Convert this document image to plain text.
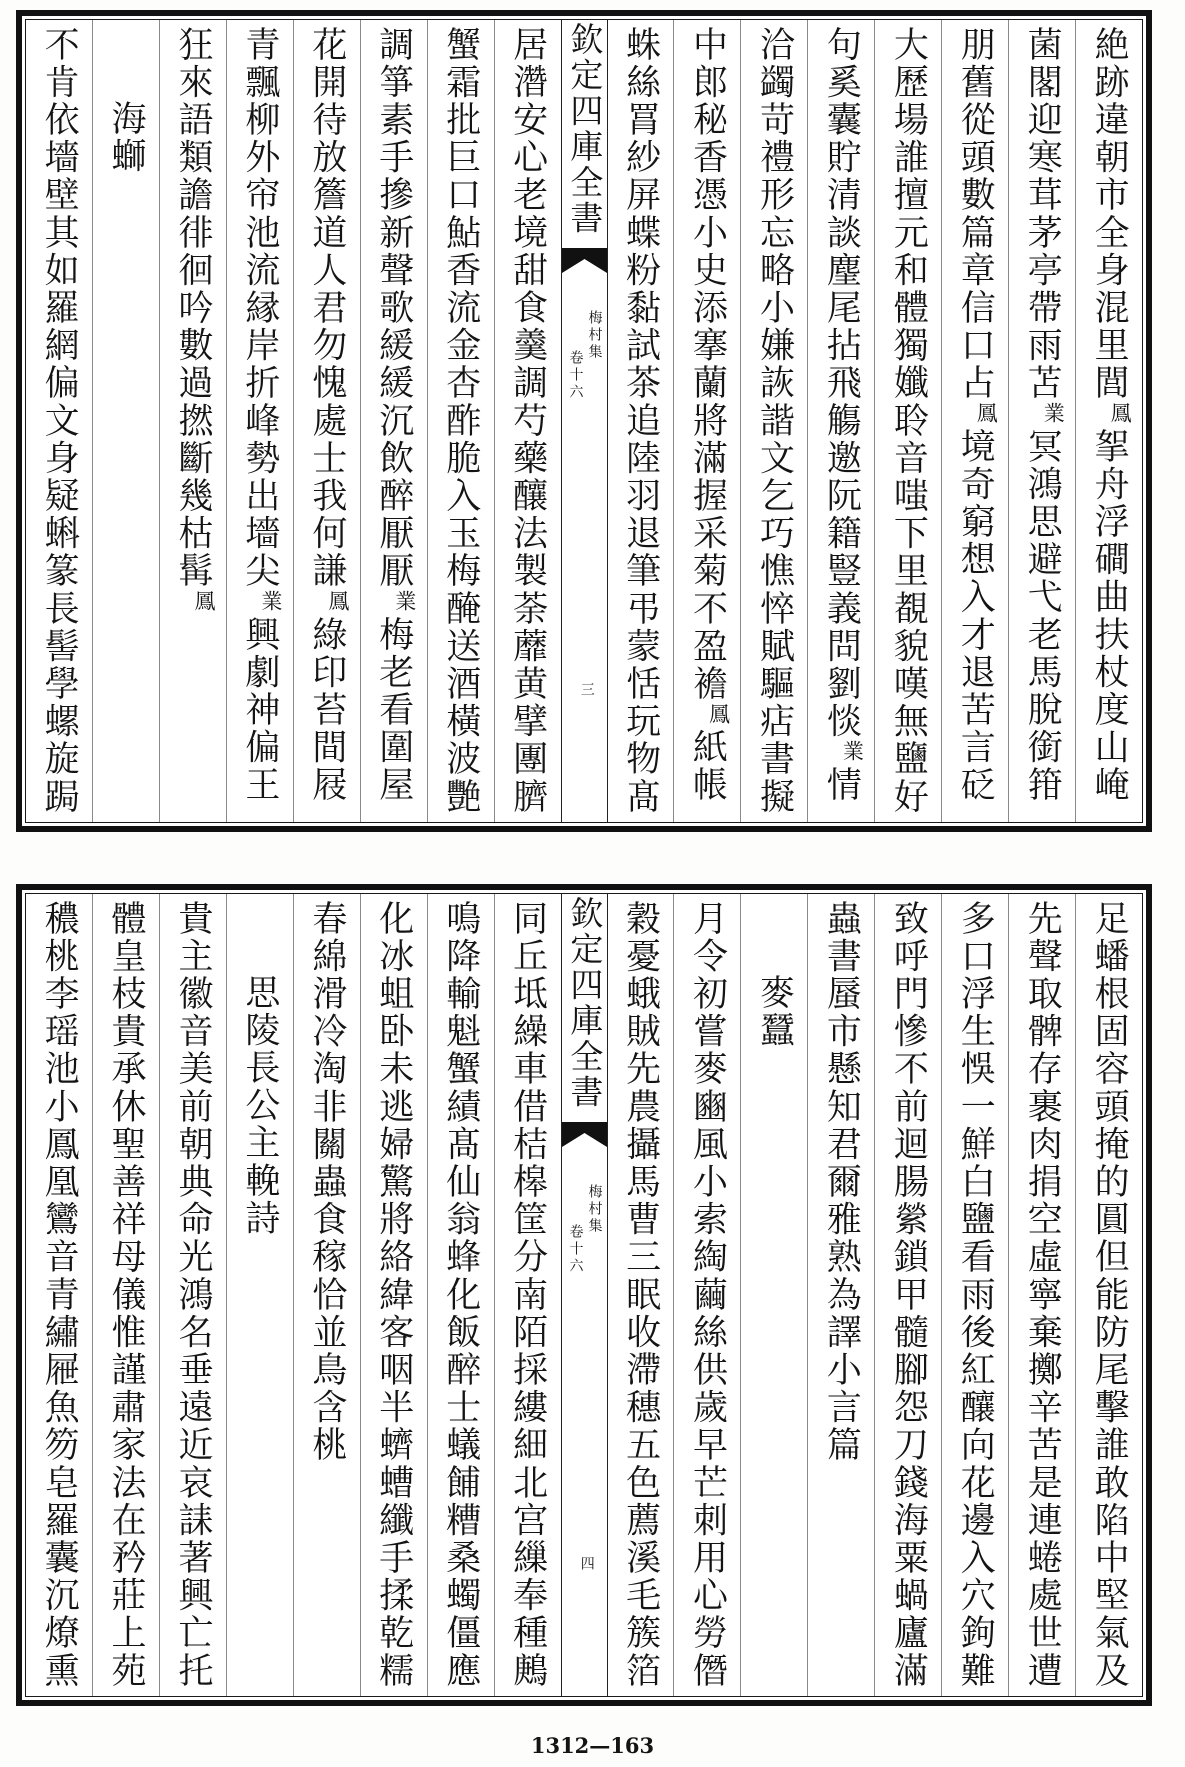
絶跡違朝市全身混里閭鳳挐舟浮磵曲扶杖度山崦
菌閣迎寒茸茅亭帶雨苫業冥鴻思避弋老馬脫銜箝
朋舊從頭數篇章信口占鳳境奇窮想入才退苦言砭
大歷場誰擅元和體獨孅聆音嗤下里覩貌嘆無鹽好
句奚囊貯清談麈尾拈飛觴邀阮籍豎義問劉惔業情
洽蠲苛禮形忘略小嫌詼諧文乞巧憔悴賦驅痁書擬
中郎秘香憑小史添搴蘭將滿握采菊不盈襜鳳紙帳
蛛絲罥紗屏蝶粉黏試茶追陸羽退筆弔蒙恬玩物髙
欽定四庫全書
梅村集
卷十六
三
居濳安心老境甜食羹調芍藥釀法製荼蘼黄擘團臍
蟹霜批巨口鮎香流金杏酢脆入玉梅醃送酒橫波艷
調箏素手摻新聲歌緩緩沉飲醉厭厭業梅老看圍屋
花開待放簷道人君勿愧處士我何謙鳳綠印苔間屐
青飄柳外帘池流縁岸折峰勢出墻尖業興劇神偏王
狂來語類譫徘徊吟數過撚斷幾枯髯鳳
海螄
不肯依墻壁其如羅網偏文身疑蝌篆長髻學螺旋跼
足蟠根固容頭掩的圓但能防尾擊誰敢陷中堅氣及
先聲取髀存裹肉捐空虛寧棄擲辛苦是連蜷處世遭
多口浮生悞一鮮白鹽看雨後紅釀向花邊入穴鉤難
致呼門慘不前迴腸縈鎖甲髓腳怨刀錢海粟蝸廬滿
蟲書蜃市懸知君爾雅熟為譯小言篇
麥蠶
月令初嘗麥豳風小索綯繭絲供歲早芒刺用心勞僭
穀憂蛾賊先農攝馬曹三眠收滯穗五色薦溪毛簇箔
欽定四庫全書
梅村集
卷十六
四
同丘坻繰車借桔槔筐分南陌採縷細北宫繅奉種鶊
鳴降輸魁蟹績髙仙翁蜂化飯醉士蟻餔糟桑蠋僵應
化冰蛆卧未逃婦驚將絡緯客咽半蠐螬纖手揉乾糯
春綿滑冷淘非關蟲食稼恰並鳥含桃
思陵長公主輓詩
貴主徽音美前朝典命光鴻名垂遠近哀誄著興亡托
體皇枝貴承休聖善祥母儀惟謹肅家法在矜莊上苑
穠桃李瑶池小鳳凰鸞音青繡屜魚笏皂羅囊沉燎熏
1312—163
